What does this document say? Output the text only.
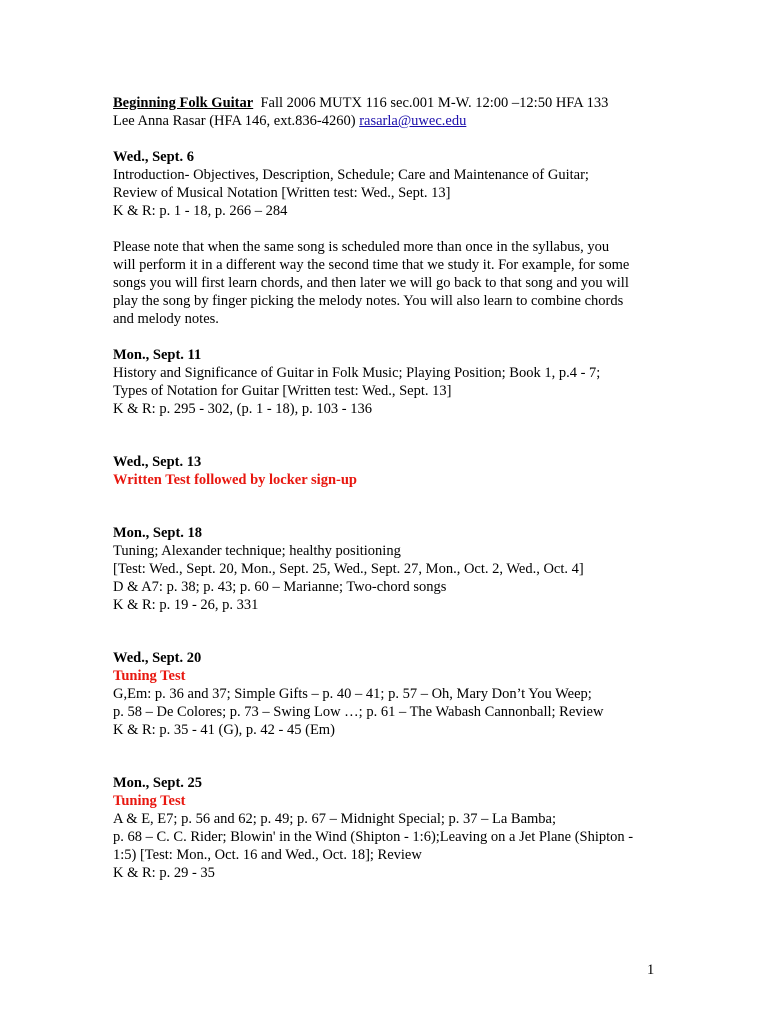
Beginning Folk Guitar Fall 2006 MUTX 116 sec.001 M-W. 12:00 –12:50 HFA 133
Lee Anna Rasar (HFA 146, ext.836-4260) rasarla@uwec.edu
Wed., Sept. 6
Introduction- Objectives, Description, Schedule; Care and Maintenance of Guitar;
Review of Musical Notation [Written test: Wed., Sept. 13]
K & R: p. 1 - 18, p. 266 – 284
Please note that when the same song is scheduled more than once in the syllabus, you
will perform it in a different way the second time that we study it. For example, for some
songs you will first learn chords, and then later we will go back to that song and you will
play the song by finger picking the melody notes. You will also learn to combine chords
and melody notes.
Mon., Sept. 11
History and Significance of Guitar in Folk Music; Playing Position; Book 1, p.4 - 7;
Types of Notation for Guitar [Written test: Wed., Sept. 13]
K & R: p. 295 - 302, (p. 1 - 18), p. 103 - 136
Wed., Sept. 13
Written Test followed by locker sign-up
Mon., Sept. 18
Tuning; Alexander technique; healthy positioning
[Test: Wed., Sept. 20, Mon., Sept. 25, Wed., Sept. 27, Mon., Oct. 2, Wed., Oct. 4]
D & A7: p. 38; p. 43; p. 60 – Marianne; Two-chord songs
K & R: p. 19 - 26, p. 331
Wed., Sept. 20
Tuning Test
G,Em: p. 36 and 37; Simple Gifts – p. 40 – 41; p. 57 – Oh, Mary Don’t You Weep;
p. 58 – De Colores; p. 73 – Swing Low …; p. 61 – The Wabash Cannonball; Review
K & R: p. 35 - 41 (G), p. 42 - 45 (Em)
Mon., Sept. 25
Tuning Test
A & E, E7; p. 56 and 62; p. 49; p. 67 – Midnight Special; p. 37 – La Bamba;
p. 68 – C. C. Rider; Blowin' in the Wind (Shipton - 1:6);Leaving on a Jet Plane (Shipton -
1:5) [Test: Mon., Oct. 16 and Wed., Oct. 18]; Review
K & R: p. 29 - 35
1
